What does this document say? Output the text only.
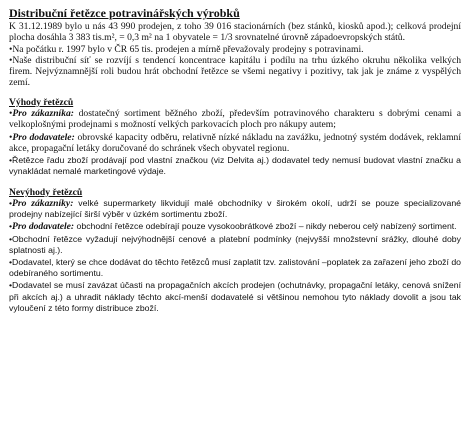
Distribuční řetězce potravinářských výrobků

K 31.12.1989 bylo u nás 43 990 prodejen, z toho 39 016 stacionárních (bez stánků, kiosků apod.); celková prodejní plocha dosáhla 3 383 tis.m², = 0,3 m² na 1 obyvatele = 1/3 srovnatelné úrovně západoevropských států.

•Na počátku r. 1997 bylo v ČR 65 tis. prodejen a mírně převažovaly prodejny s potravinami.

•Naše distribuční síť se rozvíjí s tendencí koncentrace kapitálu i podílu na trhu úzkého okruhu několika velkých firem. Nejvýznamnější roli budou hrát obchodní řetězce se všemi negativy i pozitivy, tak jak je známe z vyspělých zemí.

Výhody řetězců

•Pro zákazníka: dostatečný sortiment běžného zboží, především potravinového charakteru s dobrými cenami a velkoplošnými prodejnami s možností velkých parkovacích ploch pro nákupy autem;

•Pro dodavatele: obrovské kapacity odběru, relativně nízké nákladu na zavážku, jednotný systém dodávek, reklamní akce, propagační letáky doručované do schránek všech obyvatel regionu.

•Řetězce řadu zboží prodávají pod vlastní značkou (viz Delvita aj.) dodavatel tedy nemusí budovat vlastní značku a vynakládat nemalé marketingové výdaje.

Nevýhody řetězců

•Pro zákazníky: velké supermarkety likvidují malé obchodníky v širokém okolí, udrží se pouze specializované prodejny nabízející širší výběr v úzkém sortimentu zboží.

•Pro dodavatele: obchodní řetězce odebírají pouze vysokoobrátkové zboží – nikdy neberou celý nabízený sortiment.

•Obchodní řetězce vyžadují nejvýhodnější cenové a platební podmínky (nejvyšší množstevní srážky, dlouhé doby splatnosti aj.).

•Dodavatel, který se chce dodávat do těchto řetězců musí zaplatit tzv. zalistování –poplatek za zařazení jeho zboží do odebíraného sortimentu.

•Dodavatel se musí zavázat účasti na propagačních akcích prodejen (ochutnávky, propagační letáky, cenová snížení při akcích aj.) a uhradit náklady těchto akcí-menší dodavatelé si většinou nemohou tyto náklady dovolit a jsou tak vyloučení z této formy distribuce zboží.
